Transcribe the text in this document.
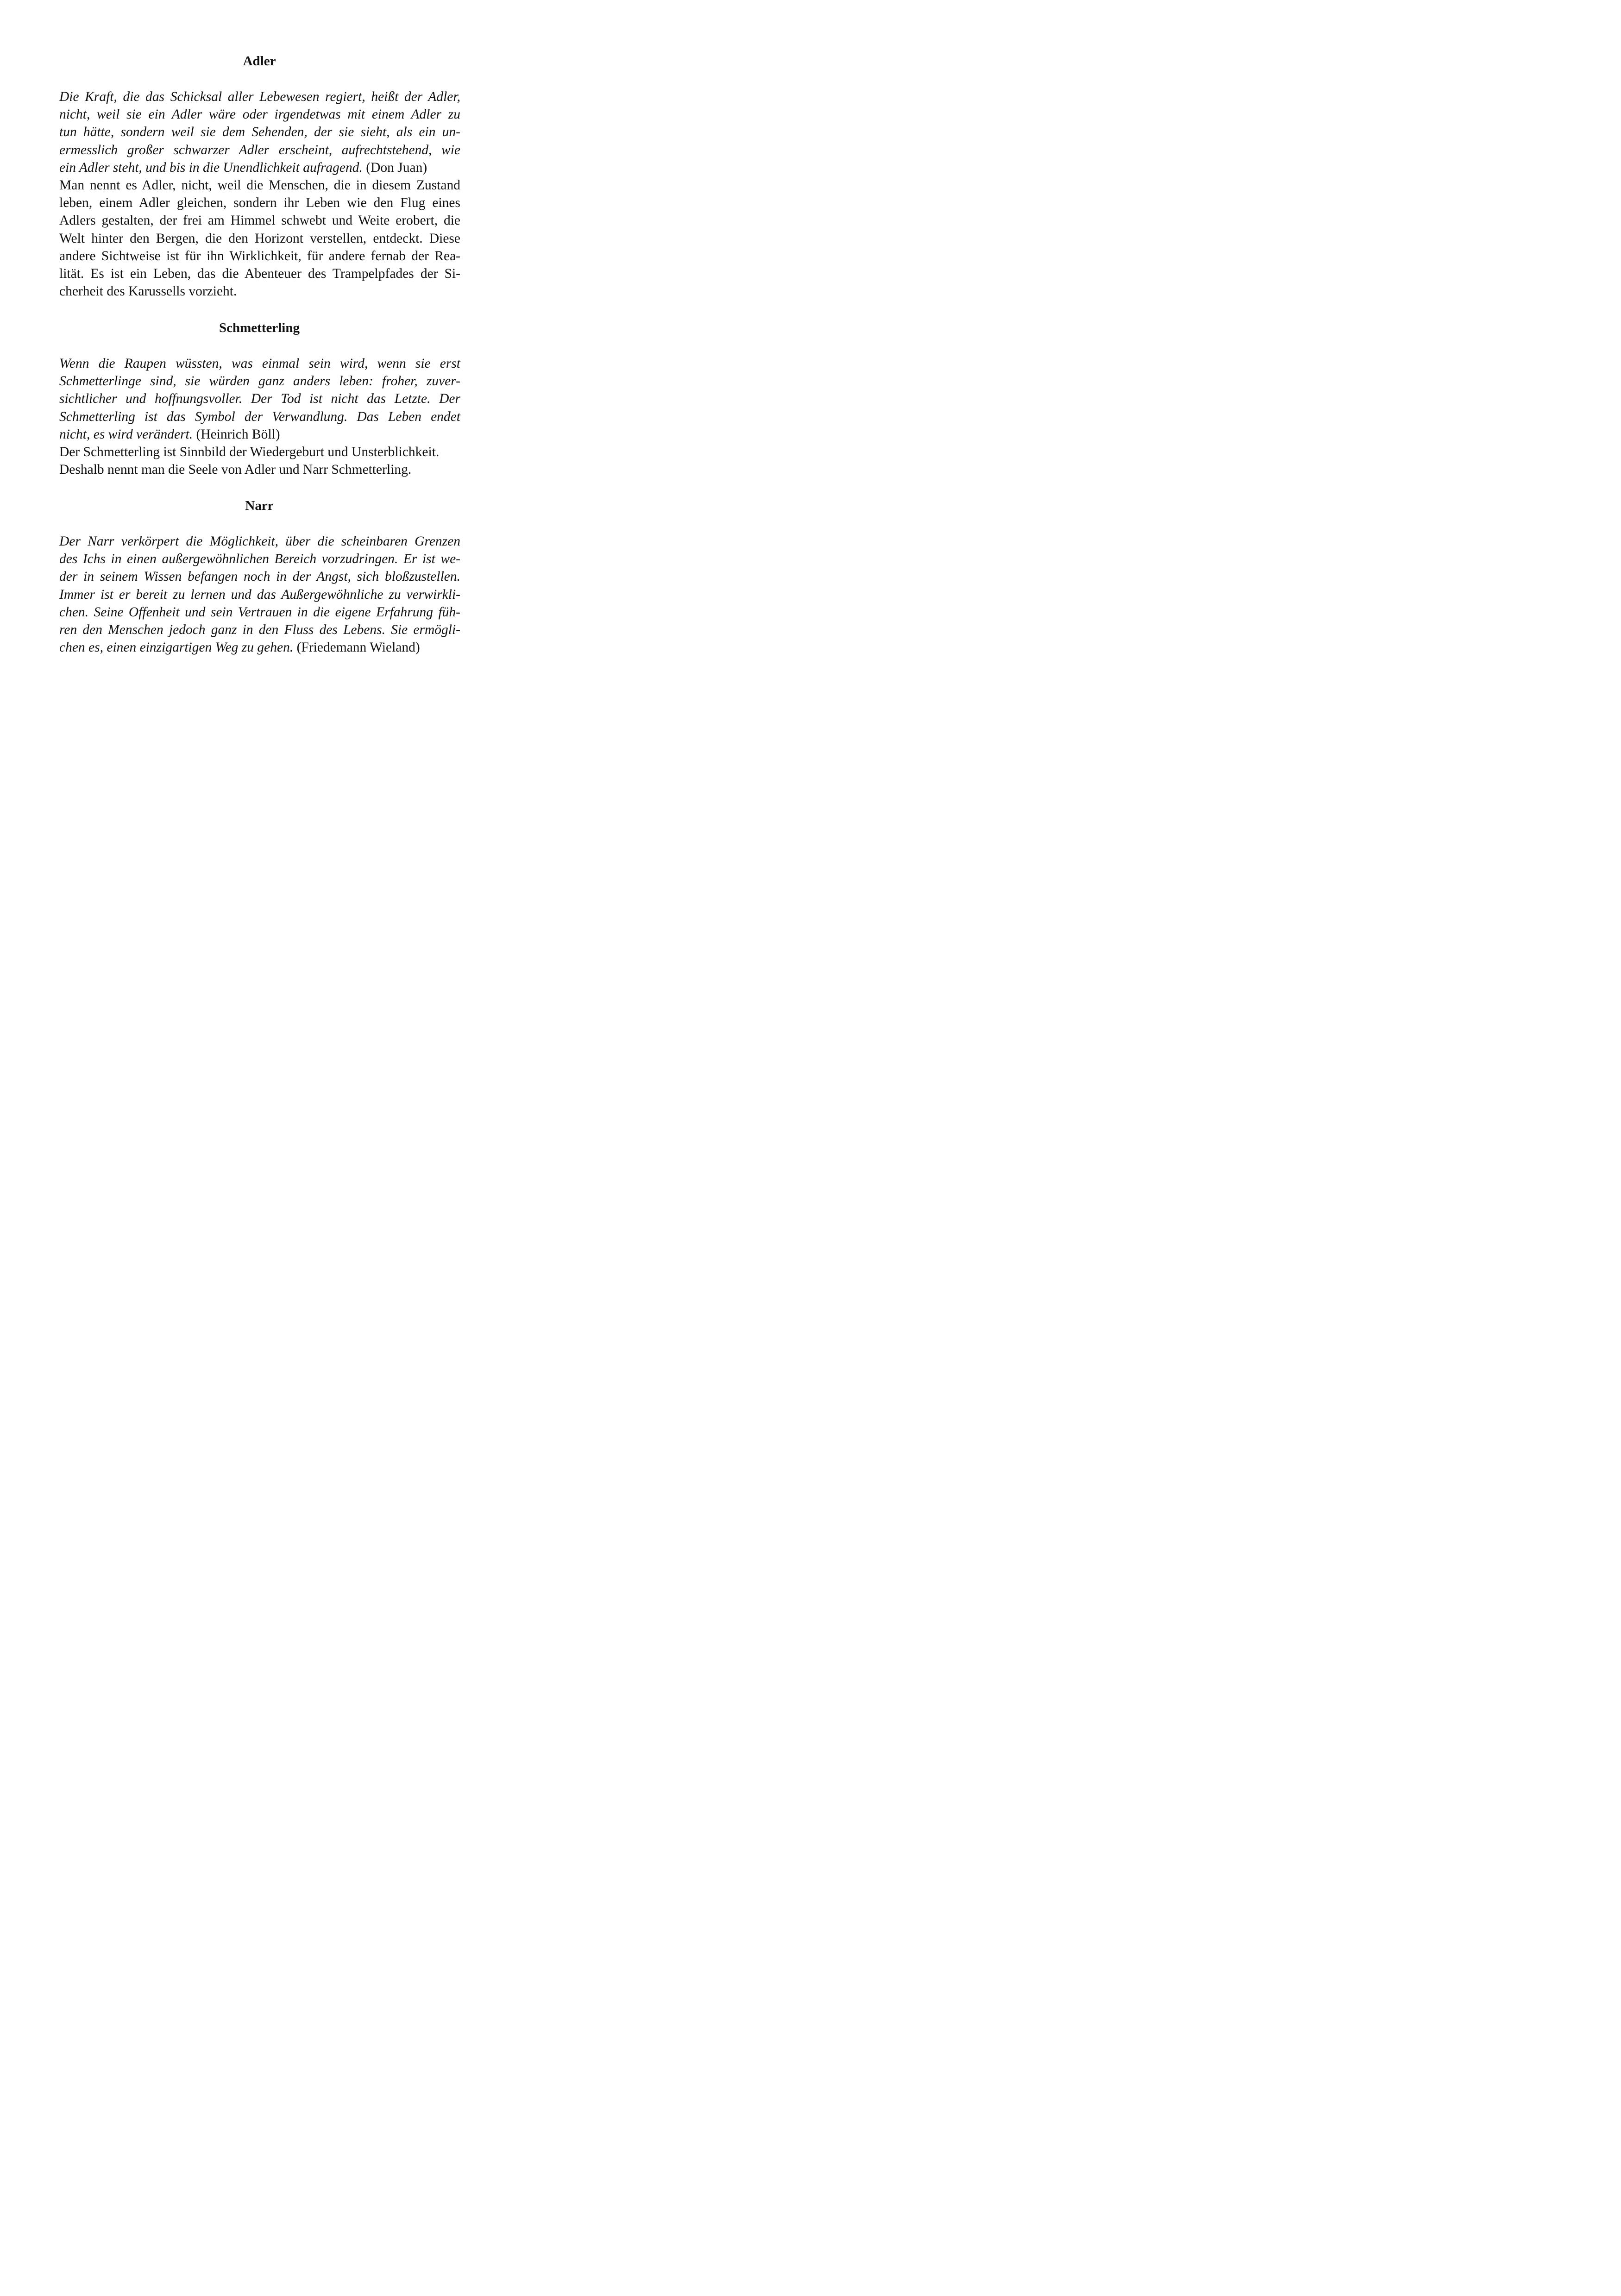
Adler
Die Kraft, die das Schicksal aller Lebewesen regiert, heißt der Adler,
nicht, weil sie ein Adler wäre oder irgendetwas mit einem Adler zu
tun hätte, sondern weil sie dem Sehenden, der sie sieht, als ein un-
ermesslich großer schwarzer Adler erscheint, aufrechtstehend, wie
ein Adler steht, und bis in die Unendlichkeit aufragend. (Don Juan)
Man nennt es Adler, nicht, weil die Menschen, die in diesem Zustand
leben, einem Adler gleichen, sondern ihr Leben wie den Flug eines
Adlers gestalten, der frei am Himmel schwebt und Weite erobert, die
Welt hinter den Bergen, die den Horizont verstellen, entdeckt. Diese
andere Sichtweise ist für ihn Wirklichkeit, für andere fernab der Rea-
lität. Es ist ein Leben, das die Abenteuer des Trampelpfades der Si-
cherheit des Karussells vorzieht.
Schmetterling
Wenn die Raupen wüssten, was einmal sein wird, wenn sie erst
Schmetterlinge sind, sie würden ganz anders leben: froher, zuver-
sichtlicher und hoffnungsvoller. Der Tod ist nicht das Letzte. Der
Schmetterling ist das Symbol der Verwandlung. Das Leben endet
nicht, es wird verändert. (Heinrich Böll)
Der Schmetterling ist Sinnbild der Wiedergeburt und Unsterblichkeit.
Deshalb nennt man die Seele von Adler und Narr Schmetterling.
Narr
Der Narr verkörpert die Möglichkeit, über die scheinbaren Grenzen
des Ichs in einen außergewöhnlichen Bereich vorzudringen. Er ist we-
der in seinem Wissen befangen noch in der Angst, sich bloßzustellen.
Immer ist er bereit zu lernen und das Außergewöhnliche zu verwirkli-
chen. Seine Offenheit und sein Vertrauen in die eigene Erfahrung füh-
ren den Menschen jedoch ganz in den Fluss des Lebens. Sie ermögli-
chen es, einen einzigartigen Weg zu gehen. (Friedemann Wieland)
